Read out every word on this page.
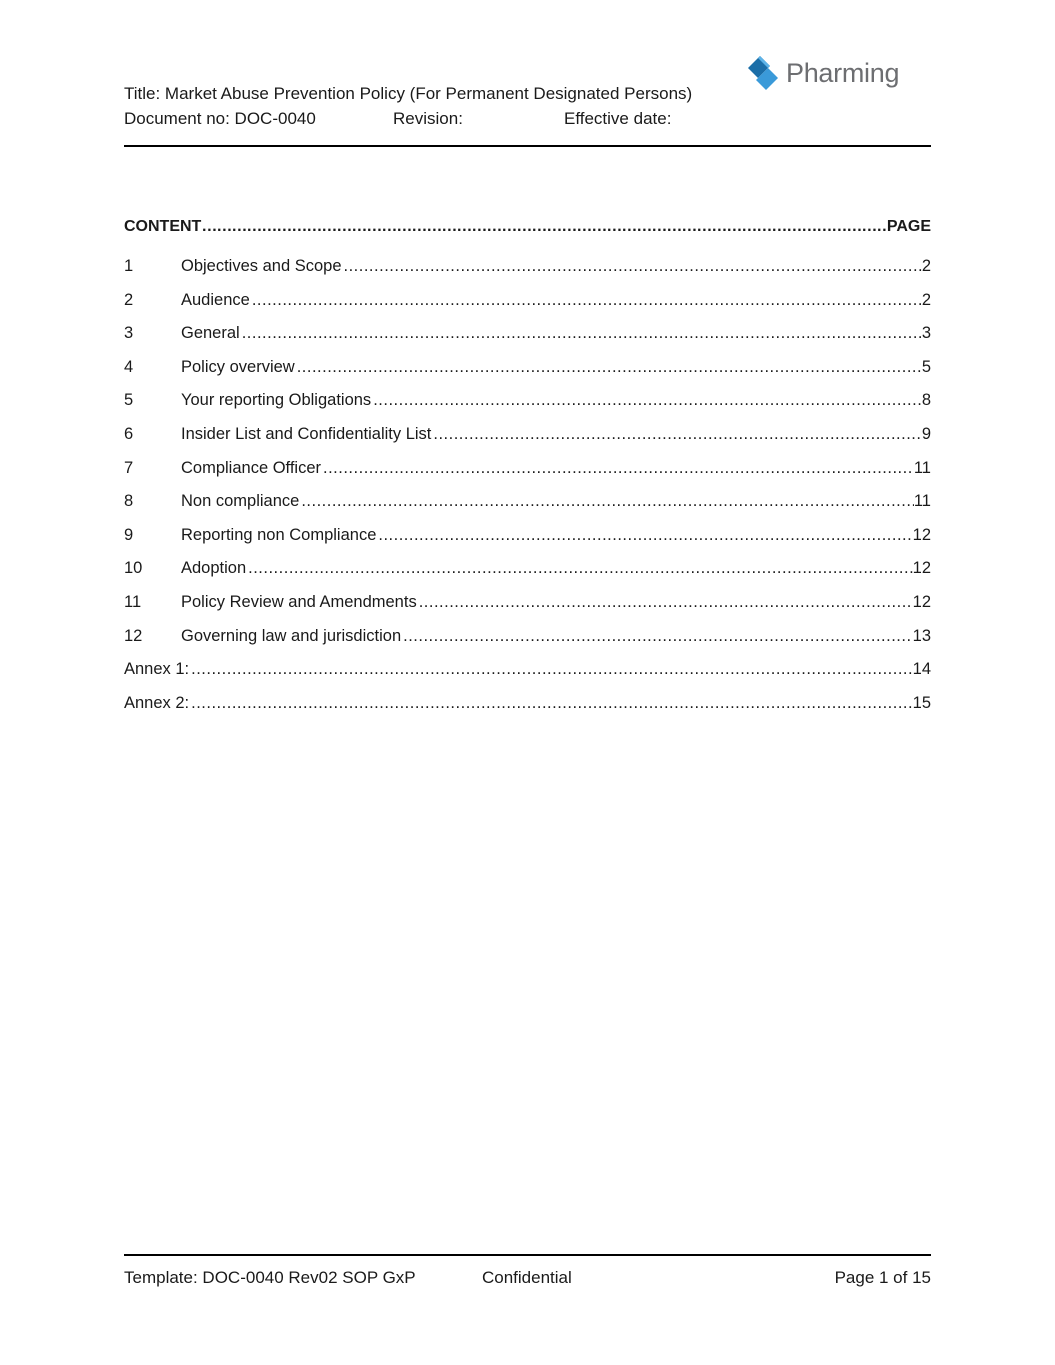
Title: Market Abuse Prevention Policy (For Permanent Designated Persons)
Document no: DOC-0040	Revision:	Effective date:
Pharming
CONTENT ……………………………………………………………………………………………………………………………………………………………………………………………	PAGE
1	Objectives and Scope .....	2
2	Audience .....	2
3	General .....	3
4	Policy overview .....	5
5	Your reporting Obligations .....	8
6	Insider List and Confidentiality List .....	9
7	Compliance Officer .....	11
8	Non compliance .....	11
9	Reporting non Compliance .....	12
10	Adoption .....	12
11	Policy Review and Amendments .....	12
12	Governing law and jurisdiction .....	13
Annex 1: .....	14
Annex 2: .....	15
Template: DOC-0040 Rev02 SOP GxP	Confidential	Page 1 of 15
